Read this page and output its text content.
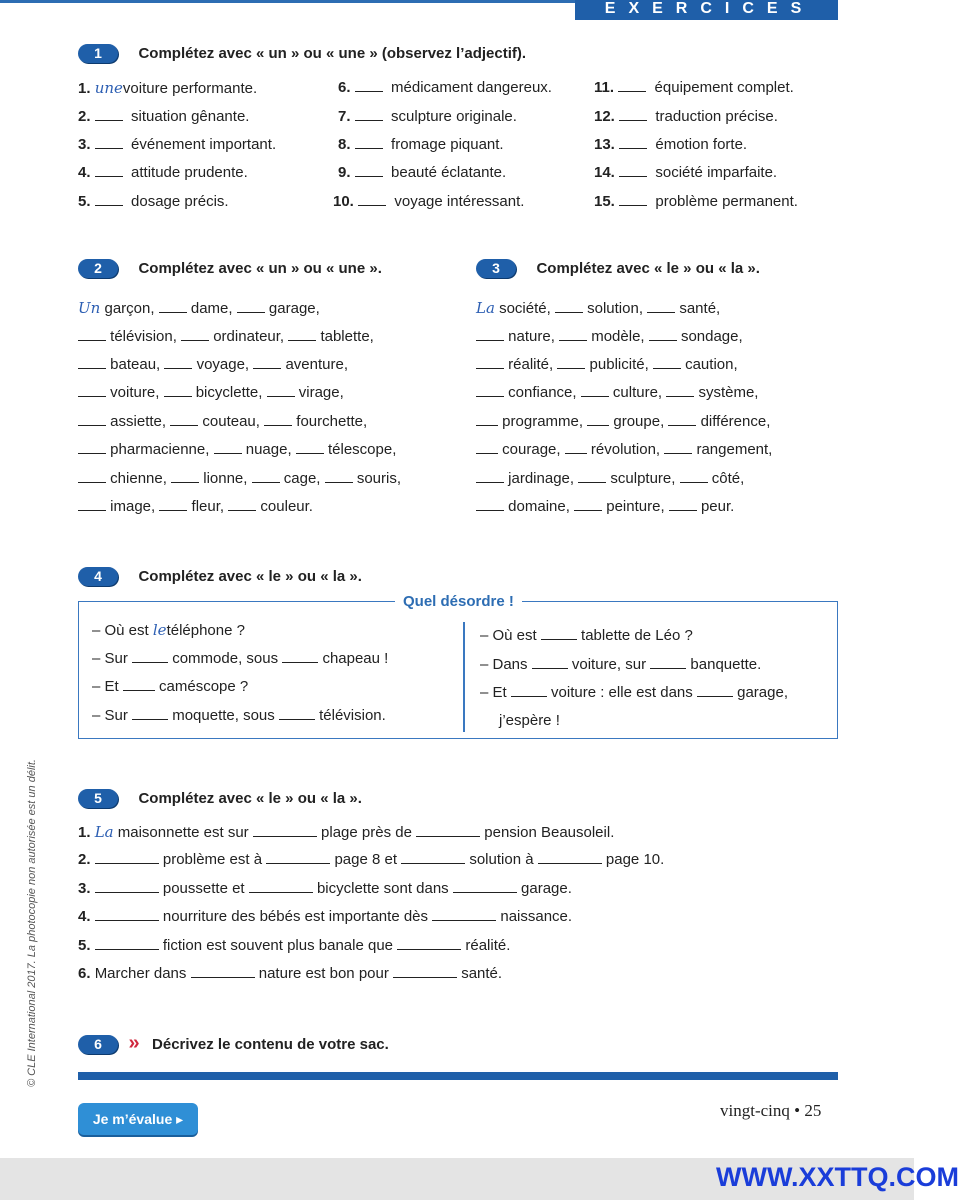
EXERCICES
1 Complétez avec « un » ou « une » (observez l’adjectif).
1. unevoiture performante.
2.	situation gênante.
3.	événement important.
4.	attitude prudente.
5.	dosage précis.
6.	médicament dangereux.
7.	sculpture originale.
8.	fromage piquant.
9.	beauté éclatante.
10.	voyage intéressant.
11.	équipement complet.
12.	traduction précise.
13.	émotion forte.
14.	société imparfaite.
15.	problème permanent.
2 Complétez avec « un » ou « une ».
Un garçon, dame, garage,
télévision, ordinateur, tablette,
bateau, voyage, aventure,
voiture, bicyclette, virage,
assiette, couteau, fourchette,
pharmacienne, nuage, télescope,
chienne, lionne, cage, souris,
image, fleur, couleur.
3 Complétez avec « le » ou « la ».
La société, solution, santé,
nature, modèle, sondage,
réalité, publicité, caution,
confiance, culture, système,
programme, groupe, différence,
courage, révolution, rangement,
jardinage, sculpture, côté,
domaine, peinture, peur.
4 Complétez avec « le » ou « la ».
Quel désordre !
– Où est letéléphone ?
– Sur	commode, sous	chapeau !
– Et	caméscope ?
– Sur	moquette, sous	télévision.
– Où est	tablette de Léo ?
– Dans	voiture, sur	banquette.
– Et	voiture : elle est dans	garage,
j’espère !
5 Complétez avec « le » ou « la ».
1. La maisonnette est sur	plage près de	pension Beausoleil.
2.	problème est à	page 8 et	solution à	page 10.
3.	poussette et	bicyclette sont dans	garage.
4.	nourriture des bébés est importante dès	naissance.
5.	fiction est souvent plus banale que	réalité.
6. Marcher dans	nature est bon pour	santé.
6 » Décrivez le contenu de votre sac.
Je m’évalue ▸	vingt-cinq • 25
© CLE International 2017. La photocopie non autorisée est un délit.
WWW.XXTTQ.COM
